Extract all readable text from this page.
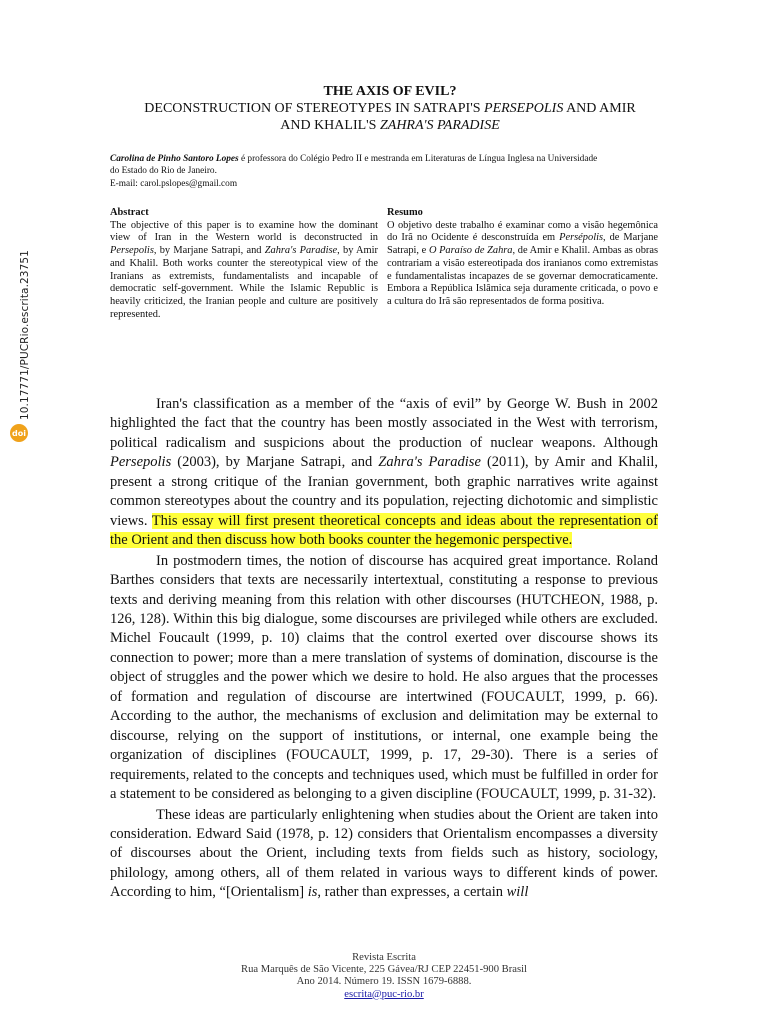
10.17771/PUCRio.escrita.23751
doi
THE AXIS OF EVIL?
DECONSTRUCTION OF STEREOTYPES IN SATRAPI'S PERSEPOLIS AND AMIR
AND KHALIL'S ZAHRA'S PARADISE
Carolina de Pinho Santoro Lopes é professora do Colégio Pedro II e mestranda em Literaturas de Língua Inglesa na Universidade
do Estado do Rio de Janeiro.
E-mail: carol.pslopes@gmail.com
Abstract
The objective of this paper is to examine how the dominant view of Iran in the Western world is deconstructed in Persepolis, by Marjane Satrapi, and Zahra's Paradise, by Amir and Khalil. Both works counter the stereotypical view of the Iranians as extremists, fundamentalists and incapable of democratic self-government. While the Islamic Republic is heavily criticized, the Iranian people and culture are positively represented.
Resumo
O objetivo deste trabalho é examinar como a visão hegemônica do Irã no Ocidente é desconstruída em Persépolis, de Marjane Satrapi, e O Paraíso de Zahra, de Amir e Khalil. Ambas as obras contrariam a visão estereotipada dos iranianos como extremistas e fundamentalistas incapazes de se governar democraticamente. Embora a República Islâmica seja duramente criticada, o povo e a cultura do Irã são representados de forma positiva.

Iran's classification as a member of the “axis of evil” by George W. Bush in 2002 highlighted the fact that the country has been mostly associated in the West with terrorism, political radicalism and suspicions about the production of nuclear weapons. Although Persepolis (2003), by Marjane Satrapi, and Zahra's Paradise (2011), by Amir and Khalil, present a strong critique of the Iranian government, both graphic narratives write against common stereotypes about the country and its population, rejecting dichotomic and simplistic views. This essay will first present theoretical concepts and ideas about the representation of the Orient and then discuss how both books counter the hegemonic perspective.

In postmodern times, the notion of discourse has acquired great importance. Roland Barthes considers that texts are necessarily intertextual, constituting a response to previous texts and deriving meaning from this relation with other discourses (HUTCHEON, 1988, p. 126, 128). Within this big dialogue, some discourses are privileged while others are excluded. Michel Foucault (1999, p. 10) claims that the control exerted over discourse shows its connection to power; more than a mere translation of systems of domination, discourse is the object of struggles and the power which we desire to hold. He also argues that the processes of formation and regulation of discourse are intertwined (FOUCAULT, 1999, p. 66). According to the author, the mechanisms of exclusion and delimitation may be external to discourse, relying on the support of institutions, or internal, one example being the organization of disciplines (FOUCAULT, 1999, p. 17, 29-30). There is a series of requirements, related to the concepts and techniques used, which must be fulfilled in order for a statement to be considered as belonging to a given discipline (FOUCAULT, 1999, p. 31-32).

These ideas are particularly enlightening when studies about the Orient are taken into consideration. Edward Said (1978, p. 12) considers that Orientalism encompasses a diversity of discourses about the Orient, including texts from fields such as history, sociology, philology, among others, all of them related in various ways to different kinds of power. According to him, “[Orientalism] is, rather than expresses, a certain will

Revista Escrita
Rua Marquês de São Vicente, 225 Gávea/RJ CEP 22451-900 Brasil
Ano 2014. Número 19. ISSN 1679-6888.
escrita@puc-rio.br
